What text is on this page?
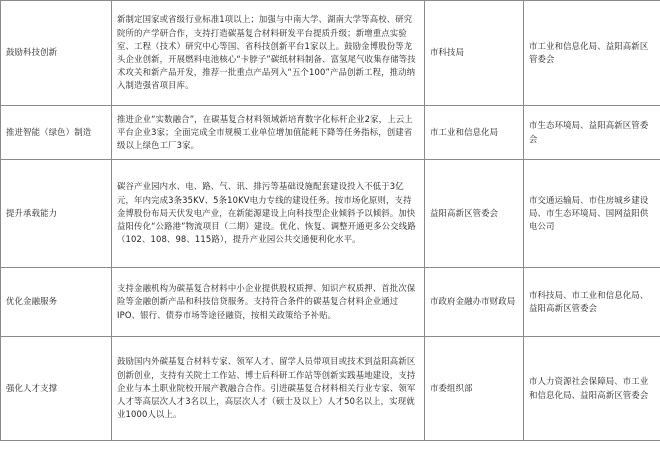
鼓励科技创新	新制定国家或省级行业标准1项以上；加强与中南大学、湖南大学等高校、研究院所的产学研合作，支持打造碳基复合材料研发平台提质升级；新增重点实验室、工程（技术）研究中心等国、省科技创新平台1家以上。鼓励金博股份等龙头企业创新，开展燃料电池核心“卡脖子”碳纸材料制备、富氢尾气收集存储等技术攻关和新产品开发，推荐一批重点产品列入“五个100”产品创新工程，推动纳入制造强省项目库。	市科技局	市工业和信息化局、益阳高新区管委会
推进智能（绿色）制造	推进企业“实数融合”，在碳基复合材料领域新培育数字化标杆企业2家，上云上平台企业3家；全面完成全市规模工业单位增加值能耗下降等任务指标，创建省级以上绿色工厂3家。	市工业和信息化局	市生态环境局、益阳高新区管委会
提升承载能力	碳谷产业园内水、电、路、气、讯、排污等基础设施配套建设投入不低于3亿元，年内完成3条35KV、5条10KV电力专线的建设任务。按市场化原则，支持金博股份布局天伏发电产业，在新能源建设上向科技型企业倾斜予以倾斜。加快益阳传化“公路港”物流项目（二期）建设。优化、恢复、调整开通更多公交线路（102、108、98、115路），提升产业园公共交通便利化水平。	益阳高新区管委会	市交通运输局、市住房城乡建设局、市生态环境局、国网益阳供电公司
优化金融服务	支持金融机构为碳基复合材料中小企业提供股权质押、知识产权质押、首批次保险等金融创新产品和科技信贷服务。支持符合条件的碳基复合材料企业通过IPO、银行、债券市场等途径融资，按相关政策给予补贴。	市政府金融办市财政局	市科技局、市工业和信息化局、益阳高新区管委会
强化人才支撑	鼓励国内外碳基复合材料专家、领军人才、留学人员带项目或技术到益阳高新区创新创业，支持有关院士工作站、博士后科研工作站等创新实践基地建设，支持企业与本土职业院校开展产教融合合作。引进碳基复合材料相关行业专家、领军人才等高层次人才3名以上，高层次人才（硕士及以上）人才50名以上，实现就业1000人以上。	市委组织部	市人力资源社会保障局、市工业和信息化局、益阳高新区管委会
